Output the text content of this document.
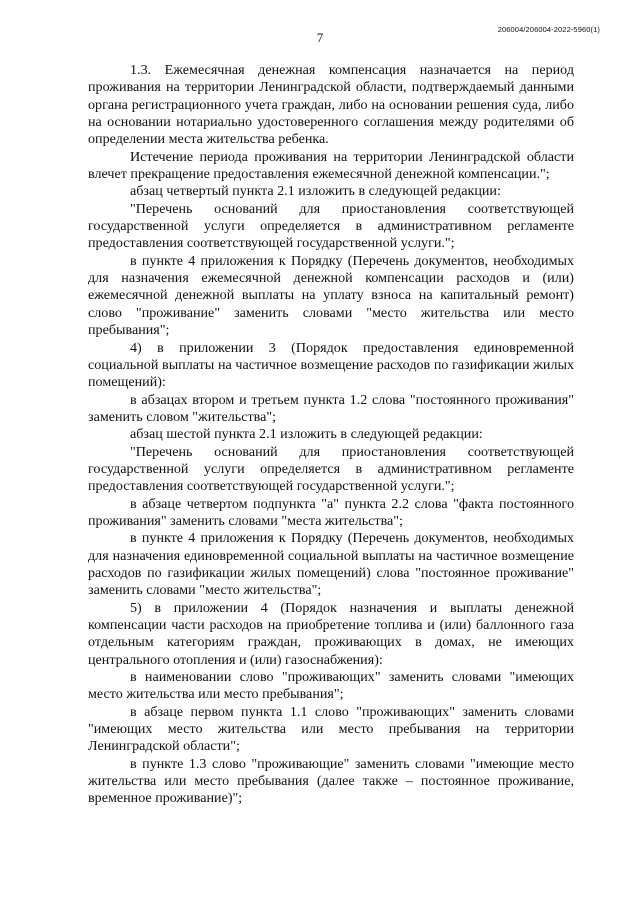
206004/206004-2022-5960(1)
7

1.3. Ежемесячная денежная компенсация назначается на период проживания на территории Ленинградской области, подтверждаемый данными органа регистрационного учета граждан, либо на основании решения суда, либо на основании нотариально удостоверенного соглашения между родителями об определении места жительства ребенка.

Истечение периода проживания на территории Ленинградской области влечет прекращение предоставления ежемесячной денежной компенсации.";

абзац четвертый пункта 2.1 изложить в следующей редакции:

"Перечень оснований для приостановления соответствующей государственной услуги определяется в административном регламенте предоставления соответствующей государственной услуги.";

в пункте 4 приложения к Порядку (Перечень документов, необходимых для назначения ежемесячной денежной компенсации расходов и (или) ежемесячной денежной выплаты на уплату взноса на капитальный ремонт) слово "проживание" заменить словами "место жительства или место пребывания";

4) в приложении 3 (Порядок предоставления единовременной социальной выплаты на частичное возмещение расходов по газификации жилых помещений):

в абзацах втором и третьем пункта 1.2 слова "постоянного проживания" заменить словом "жительства";

абзац шестой пункта 2.1 изложить в следующей редакции:

"Перечень оснований для приостановления соответствующей государственной услуги определяется в административном регламенте предоставления соответствующей государственной услуги.";

в абзаце четвертом подпункта "а" пункта 2.2 слова "факта постоянного проживания" заменить словами "места жительства";

в пункте 4 приложения к Порядку (Перечень документов, необходимых для назначения единовременной социальной выплаты на частичное возмещение расходов по газификации жилых помещений) слова "постоянное проживание" заменить словами "место жительства";

5) в приложении 4 (Порядок назначения и выплаты денежной компенсации части расходов на приобретение топлива и (или) баллонного газа отдельным категориям граждан, проживающих в домах, не имеющих центрального отопления и (или) газоснабжения):

в наименовании слово "проживающих" заменить словами "имеющих место жительства или место пребывания";

в абзаце первом пункта 1.1 слово "проживающих" заменить словами "имеющих место жительства или место пребывания на территории Ленинградской области";

в пункте 1.3 слово "проживающие" заменить словами "имеющие место жительства или место пребывания (далее также – постоянное проживание, временное проживание)";
